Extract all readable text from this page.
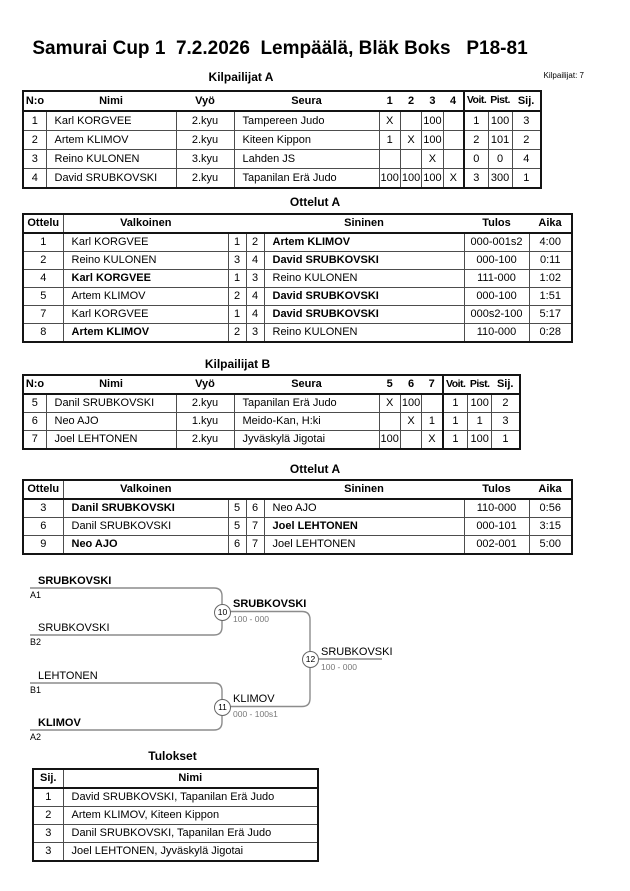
Samurai Cup 1  7.2.2026  Lempäälä, Bläk Boks   P18-81
Kilpailijat: 7
Kilpailijat A
N:o	Nimi	Vyö	Seura	1	2	3	4	Voit.	Pist.	Sij.
1	Karl KORGVEE	2.kyu	Tampereen Judo	X		100		1	100	3
2	Artem KLIMOV	2.kyu	Kiteen Kippon	1	X	100		2	101	2
3	Reino KULONEN	3.kyu	Lahden JS			X		0	0	4
4	David SRUBKOVSKI	2.kyu	Tapanilan Erä Judo	100	100	100	X	3	300	1
Ottelut A
Ottelu	Valkoinen			Sininen	Tulos	Aika
1	Karl KORGVEE	1	2	Artem KLIMOV	000-001s2	4:00
2	Reino KULONEN	3	4	David SRUBKOVSKI	000-100	0:11
4	Karl KORGVEE	1	3	Reino KULONEN	111-000	1:02
5	Artem KLIMOV	2	4	David SRUBKOVSKI	000-100	1:51
7	Karl KORGVEE	1	4	David SRUBKOVSKI	000s2-100	5:17
8	Artem KLIMOV	2	3	Reino KULONEN	110-000	0:28
Kilpailijat B
N:o	Nimi	Vyö	Seura	5	6	7	Voit.	Pist.	Sij.
5	Danil SRUBKOVSKI	2.kyu	Tapanilan Erä Judo	X	100		1	100	2
6	Neo AJO	1.kyu	Meido-Kan, H:ki		X	1	1	1	3
7	Joel LEHTONEN	2.kyu	Jyväskylä Jigotai	100		X	1	100	1
Ottelut A
Ottelu	Valkoinen			Sininen	Tulos	Aika
3	Danil SRUBKOVSKI	5	6	Neo AJO	110-000	0:56
6	Danil SRUBKOVSKI	5	7	Joel LEHTONEN	000-101	3:15
9	Neo AJO	6	7	Joel LEHTONEN	002-001	5:00
SRUBKOVSKI
A1
SRUBKOVSKI
B2
LEHTONEN
B1
KLIMOV
A2
SRUBKOVSKI
100 - 000
KLIMOV
000 - 100s1
SRUBKOVSKI
100 - 000
10
11
12
Tulokset
Sij.	Nimi
1	David SRUBKOVSKI, Tapanilan Erä Judo
2	Artem KLIMOV, Kiteen Kippon
3	Danil SRUBKOVSKI, Tapanilan Erä Judo
3	Joel LEHTONEN, Jyväskylä Jigotai
